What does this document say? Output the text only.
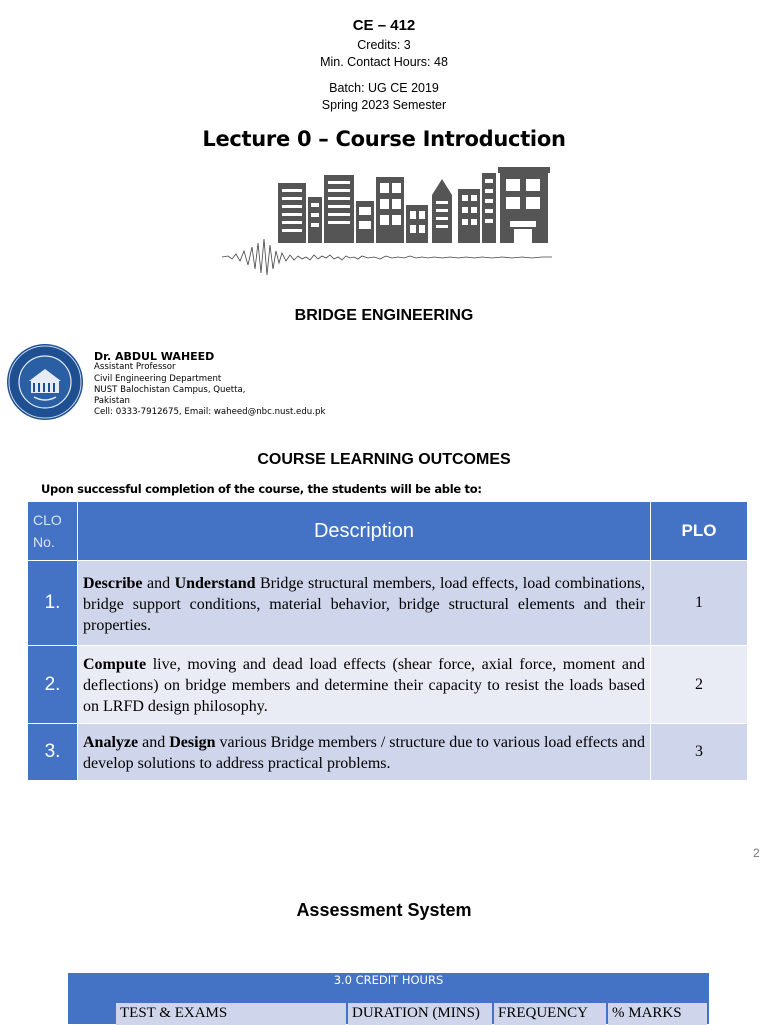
CE – 412
Credits: 3
Min. Contact Hours: 48
Batch: UG CE 2019
Spring 2023 Semester
Lecture 0 – Course Introduction
BRIDGE ENGINEERING
Dr. ABDUL WAHEED
Assistant Professor
Civil Engineering Department
NUST Balochistan Campus, Quetta,
Pakistan
Cell: 0333-7912675, Email: waheed@nbc.nust.edu.pk
COURSE LEARNING OUTCOMES
Upon successful completion of the course, the students will be able to:
CLO
No.	Description	PLO
1.	Describe and Understand Bridge structural members, load effects, load combinations, bridge support conditions, material behavior, bridge structural elements and their properties.	1
2.	Compute live, moving and dead load effects (shear force, axial force, moment and deflections) on bridge members and determine their capacity to resist the loads based on LRFD design philosophy.	2
3.	Analyze and Design various Bridge members / structure due to various load effects and develop solutions to address practical problems.	3
2
Assessment System
3.0 CREDIT HOURS
TEST & EXAMS	DURATION (MINS)	FREQUENCY	% MARKS
